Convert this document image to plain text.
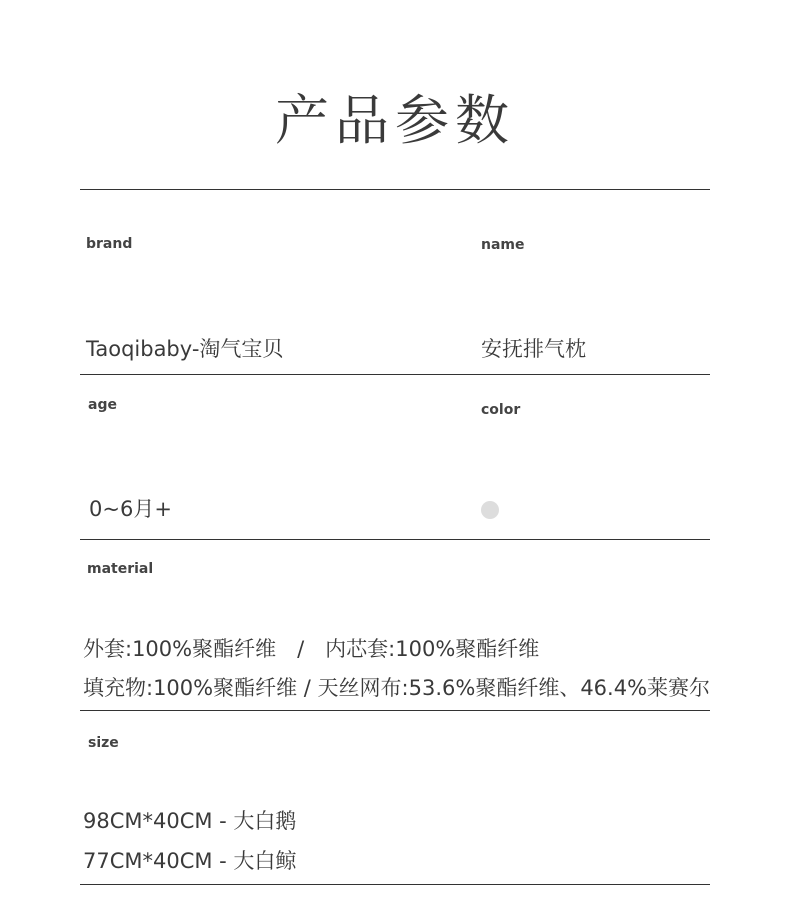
产品参数
brand
Taoqibaby-淘气宝贝
name
安抚排气枕
age
0~6月+
color
material
外套:100%聚酯纤维　/　内芯套:100%聚酯纤维
填充物:100%聚酯纤维 / 天丝网布:53.6%聚酯纤维、46.4%莱赛尔
size
98CM*40CM - 大白鹅
77CM*40CM - 大白鲸
